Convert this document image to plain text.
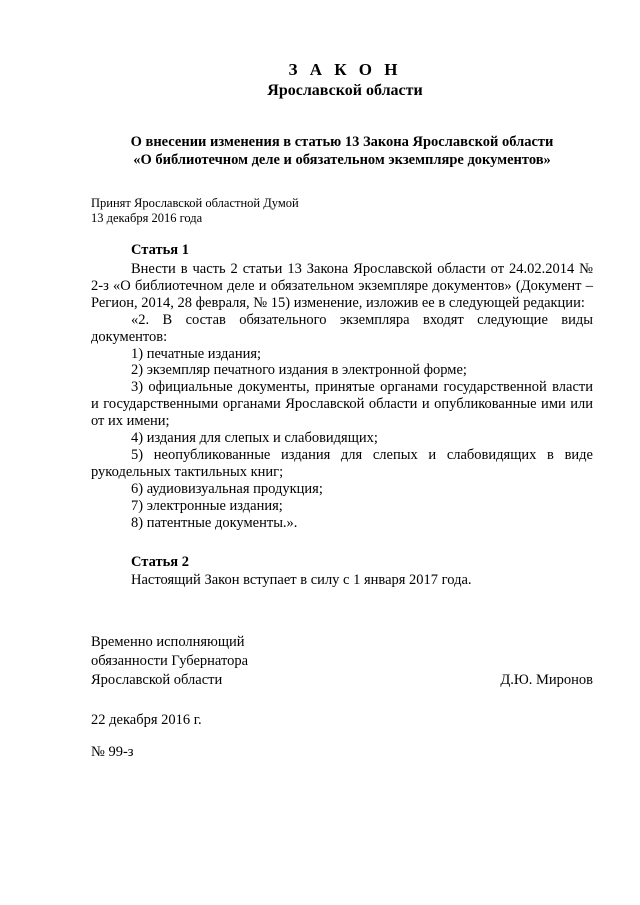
З А К О Н
Ярославской области
О внесении изменения в статью 13 Закона Ярославской области
«О библиотечном деле и обязательном экземпляре документов»
Принят Ярославской областной Думой
13 декабря 2016 года
Статья 1

Внести в часть 2 статьи 13 Закона Ярославской области от 24.02.2014 № 2-з «О библиотечном деле и обязательном экземпляре документов» (Документ – Регион, 2014, 28 февраля, № 15) изменение, изложив ее в следующей редакции:

«2. В состав обязательного экземпляра входят следующие виды документов:

1) печатные издания;

2) экземпляр печатного издания в электронной форме;

3) официальные документы, принятые органами государственной власти и государственными органами Ярославской области и опубликованные ими или от их имени;

4) издания для слепых и слабовидящих;

5) неопубликованные издания для слепых и слабовидящих в виде рукодельных тактильных книг;

6) аудиовизуальная продукция;

7) электронные издания;

8) патентные документы.».

Статья 2

Настоящий Закон вступает в силу с 1 января 2017 года.

Временно исполняющий
обязанности Губернатора
Ярославской области	Д.Ю. Миронов
22 декабря 2016 г.
№ 99-з
